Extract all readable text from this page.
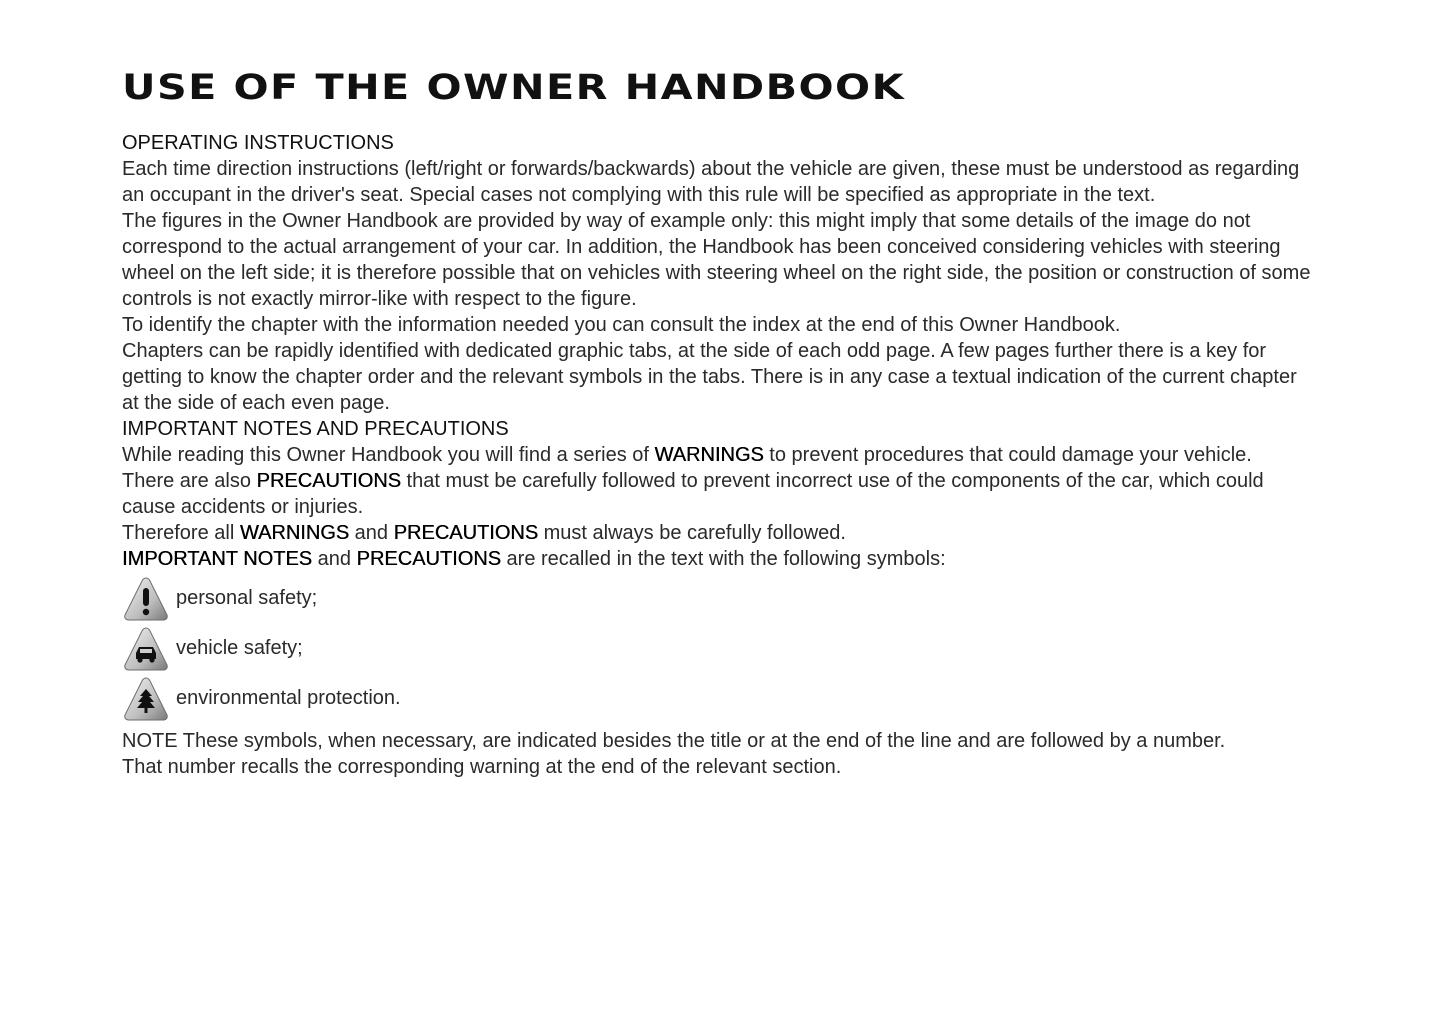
USE OF THE OWNER HANDBOOK
OPERATING INSTRUCTIONS

Each time direction instructions (left/right or forwards/backwards) about the vehicle are given, these must be understood as regarding an occupant in the driver's seat. Special cases not complying with this rule will be specified as appropriate in the text.

The figures in the Owner Handbook are provided by way of example only: this might imply that some details of the image do not correspond to the actual arrangement of your car. In addition, the Handbook has been conceived considering vehicles with steering wheel on the left side; it is therefore possible that on vehicles with steering wheel on the right side, the position or construction of some controls is not exactly mirror-like with respect to the figure.

To identify the chapter with the information needed you can consult the index at the end of this Owner Handbook.

Chapters can be rapidly identified with dedicated graphic tabs, at the side of each odd page. A few pages further there is a key for getting to know the chapter order and the relevant symbols in the tabs. There is in any case a textual indication of the current chapter at the side of each even page.

IMPORTANT NOTES AND PRECAUTIONS

While reading this Owner Handbook you will find a series of WARNINGS to prevent procedures that could damage your vehicle.

There are also PRECAUTIONS that must be carefully followed to prevent incorrect use of the components of the car, which could cause accidents or injuries.

Therefore all WARNINGS and PRECAUTIONS must always be carefully followed.

IMPORTANT NOTES and PRECAUTIONS are recalled in the text with the following symbols:

personal safety;
vehicle safety;
environmental protection.

NOTE These symbols, when necessary, are indicated besides the title or at the end of the line and are followed by a number.

That number recalls the corresponding warning at the end of the relevant section.
